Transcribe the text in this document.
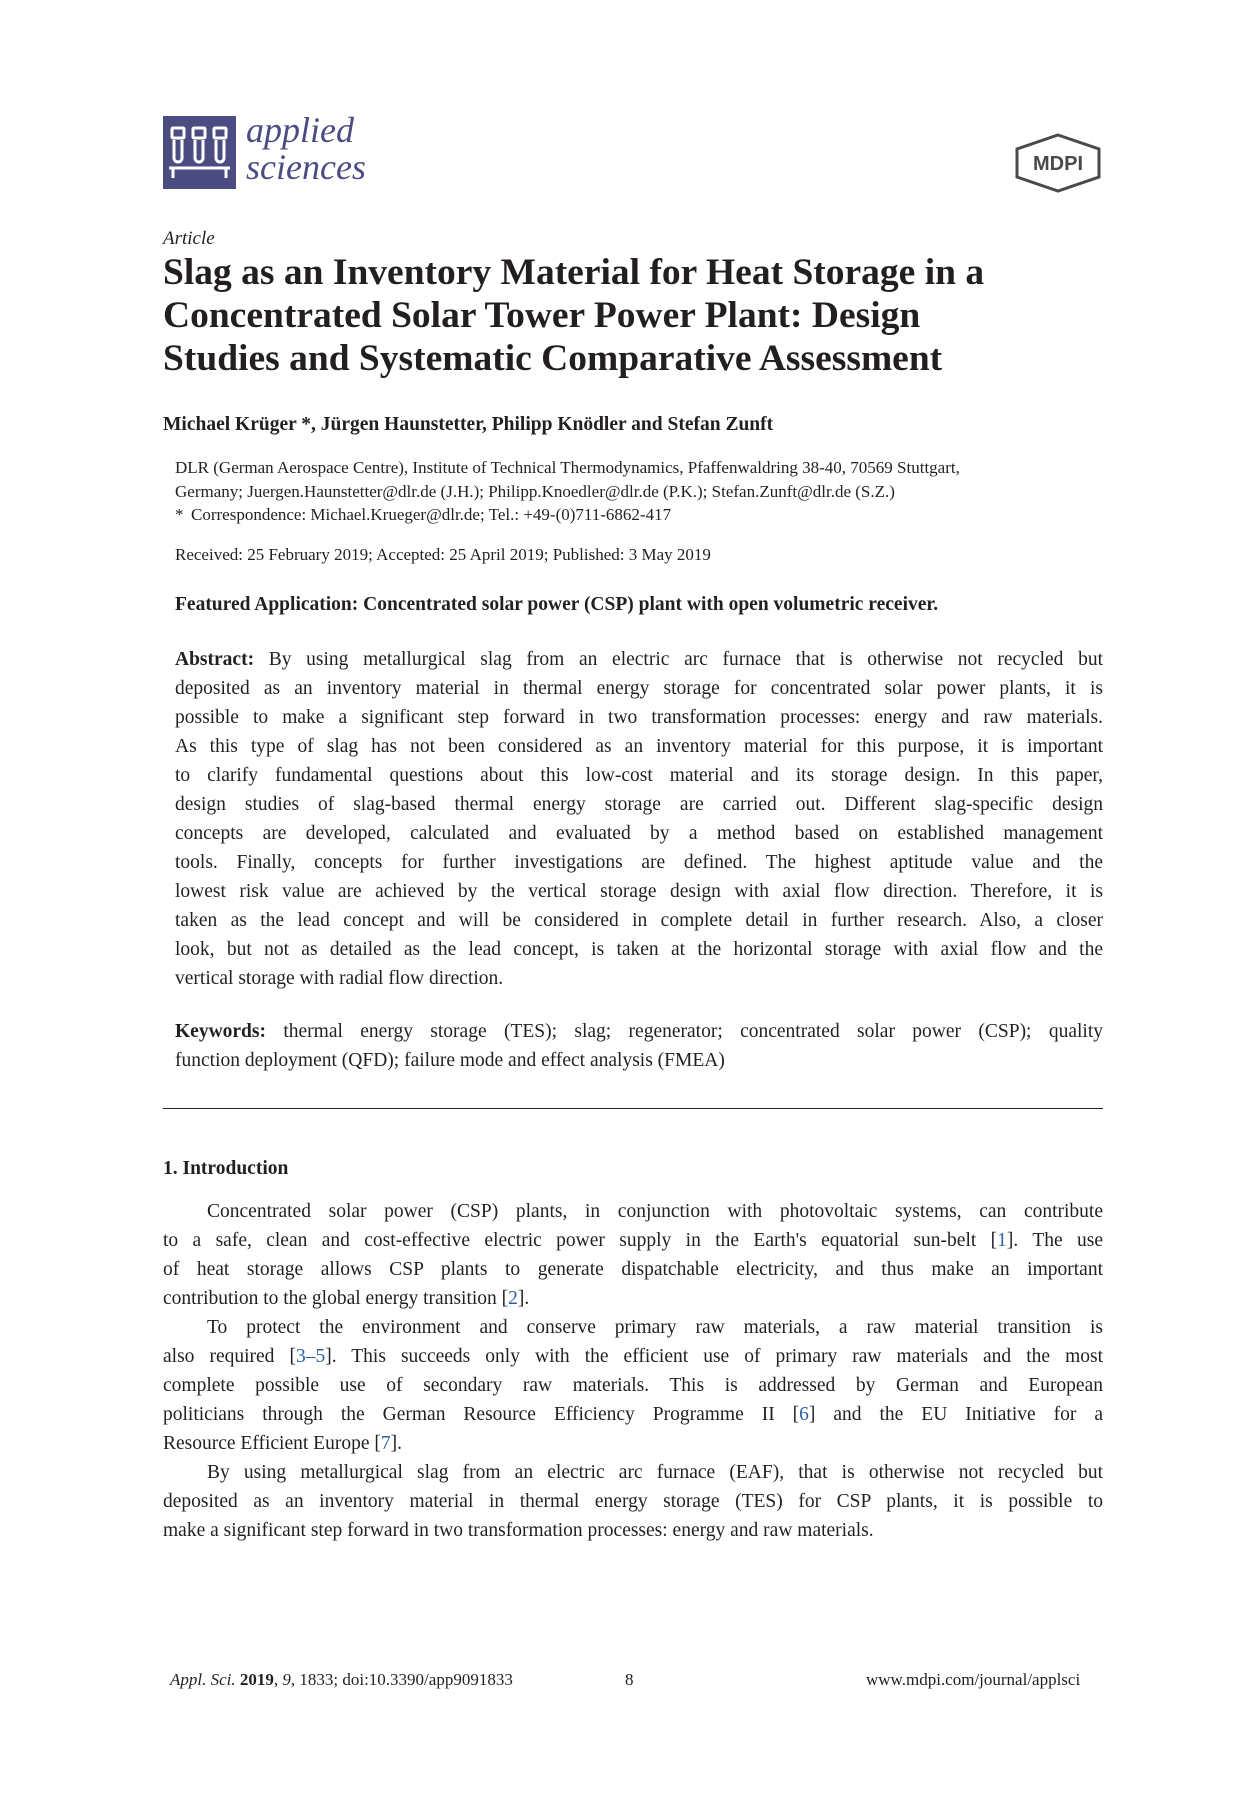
applied
sciences	MDPI
Article
Slag as an Inventory Material for Heat Storage in a
Concentrated Solar Tower Power Plant: Design
Studies and Systematic Comparative Assessment
Michael Krüger *, Jürgen Haunstetter, Philipp Knödler and Stefan Zunft
DLR (German Aerospace Centre), Institute of Technical Thermodynamics, Pfaffenwaldring 38-40, 70569 Stuttgart,
Germany; Juergen.Haunstetter@dlr.de (J.H.); Philipp.Knoedler@dlr.de (P.K.); Stefan.Zunft@dlr.de (S.Z.)
* Correspondence: Michael.Krueger@dlr.de; Tel.: +49-(0)711-6862-417
Received: 25 February 2019; Accepted: 25 April 2019; Published: 3 May 2019
Featured Application: Concentrated solar power (CSP) plant with open volumetric receiver.
Abstract: By using metallurgical slag from an electric arc furnace that is otherwise not recycled but
deposited as an inventory material in thermal energy storage for concentrated solar power plants, it is
possible to make a significant step forward in two transformation processes: energy and raw materials.
As this type of slag has not been considered as an inventory material for this purpose, it is important
to clarify fundamental questions about this low-cost material and its storage design. In this paper,
design studies of slag-based thermal energy storage are carried out. Different slag-specific design
concepts are developed, calculated and evaluated by a method based on established management
tools. Finally, concepts for further investigations are defined. The highest aptitude value and the
lowest risk value are achieved by the vertical storage design with axial flow direction. Therefore, it is
taken as the lead concept and will be considered in complete detail in further research. Also, a closer
look, but not as detailed as the lead concept, is taken at the horizontal storage with axial flow and the
vertical storage with radial flow direction.
Keywords: thermal energy storage (TES); slag; regenerator; concentrated solar power (CSP); quality
function deployment (QFD); failure mode and effect analysis (FMEA)
1. Introduction
Concentrated solar power (CSP) plants, in conjunction with photovoltaic systems, can contribute
to a safe, clean and cost-effective electric power supply in the Earth's equatorial sun-belt [1]. The use
of heat storage allows CSP plants to generate dispatchable electricity, and thus make an important
contribution to the global energy transition [2].
To protect the environment and conserve primary raw materials, a raw material transition is
also required [3–5]. This succeeds only with the efficient use of primary raw materials and the most
complete possible use of secondary raw materials. This is addressed by German and European
politicians through the German Resource Efficiency Programme II [6] and the EU Initiative for a
Resource Efficient Europe [7].
By using metallurgical slag from an electric arc furnace (EAF), that is otherwise not recycled but
deposited as an inventory material in thermal energy storage (TES) for CSP plants, it is possible to
make a significant step forward in two transformation processes: energy and raw materials.
Appl. Sci. 2019, 9, 1833; doi:10.3390/app9091833	8	www.mdpi.com/journal/applsci
